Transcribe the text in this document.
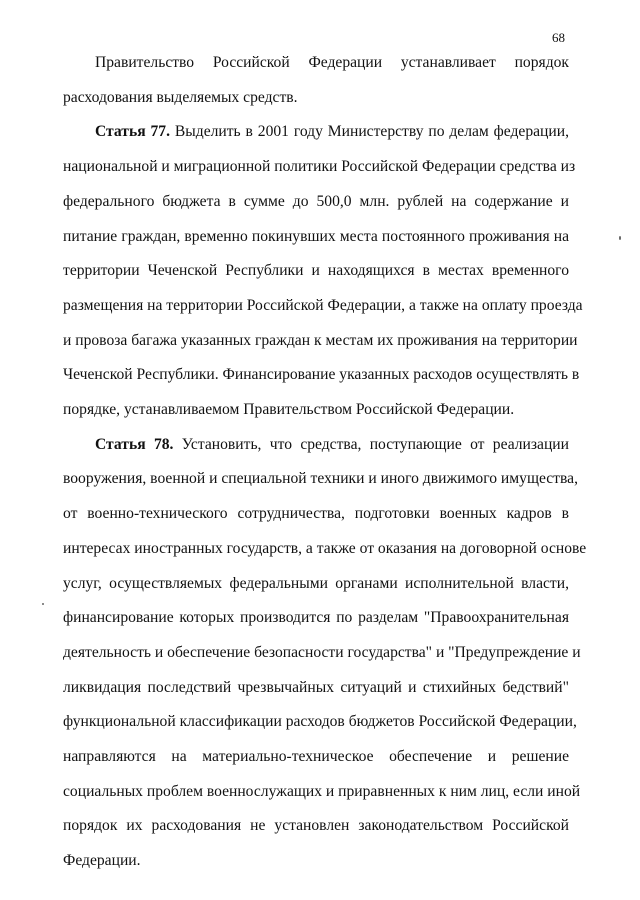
68
Правительство Российской Федерации устанавливает порядок
расходования выделяемых средств.
Статья 77. Выделить в 2001 году Министерству по делам федерации,
национальной и миграционной политики Российской Федерации средства из
федерального бюджета в сумме до 500,0 млн. рублей на содержание и
питание граждан, временно покинувших места постоянного проживания на
территории Чеченской Республики и находящихся в местах временного
размещения на территории Российской Федерации, а также на оплату проезда
и провоза багажа указанных граждан к местам их проживания на территории
Чеченской Республики. Финансирование указанных расходов осуществлять в
порядке, устанавливаемом Правительством Российской Федерации.
Статья 78. Установить, что средства, поступающие от реализации
вооружения, военной и специальной техники и иного движимого имущества,
от военно-технического сотрудничества, подготовки военных кадров в
интересах иностранных государств, а также от оказания на договорной основе
услуг, осуществляемых федеральными органами исполнительной власти,
финансирование которых производится по разделам "Правоохранительная
деятельность и обеспечение безопасности государства" и "Предупреждение и
ликвидация последствий чрезвычайных ситуаций и стихийных бедствий"
функциональной классификации расходов бюджетов Российской Федерации,
направляются на материально-техническое обеспечение и решение
социальных проблем военнослужащих и приравненных к ним лиц, если иной
порядок их расходования не установлен законодательством Российской
Федерации.
